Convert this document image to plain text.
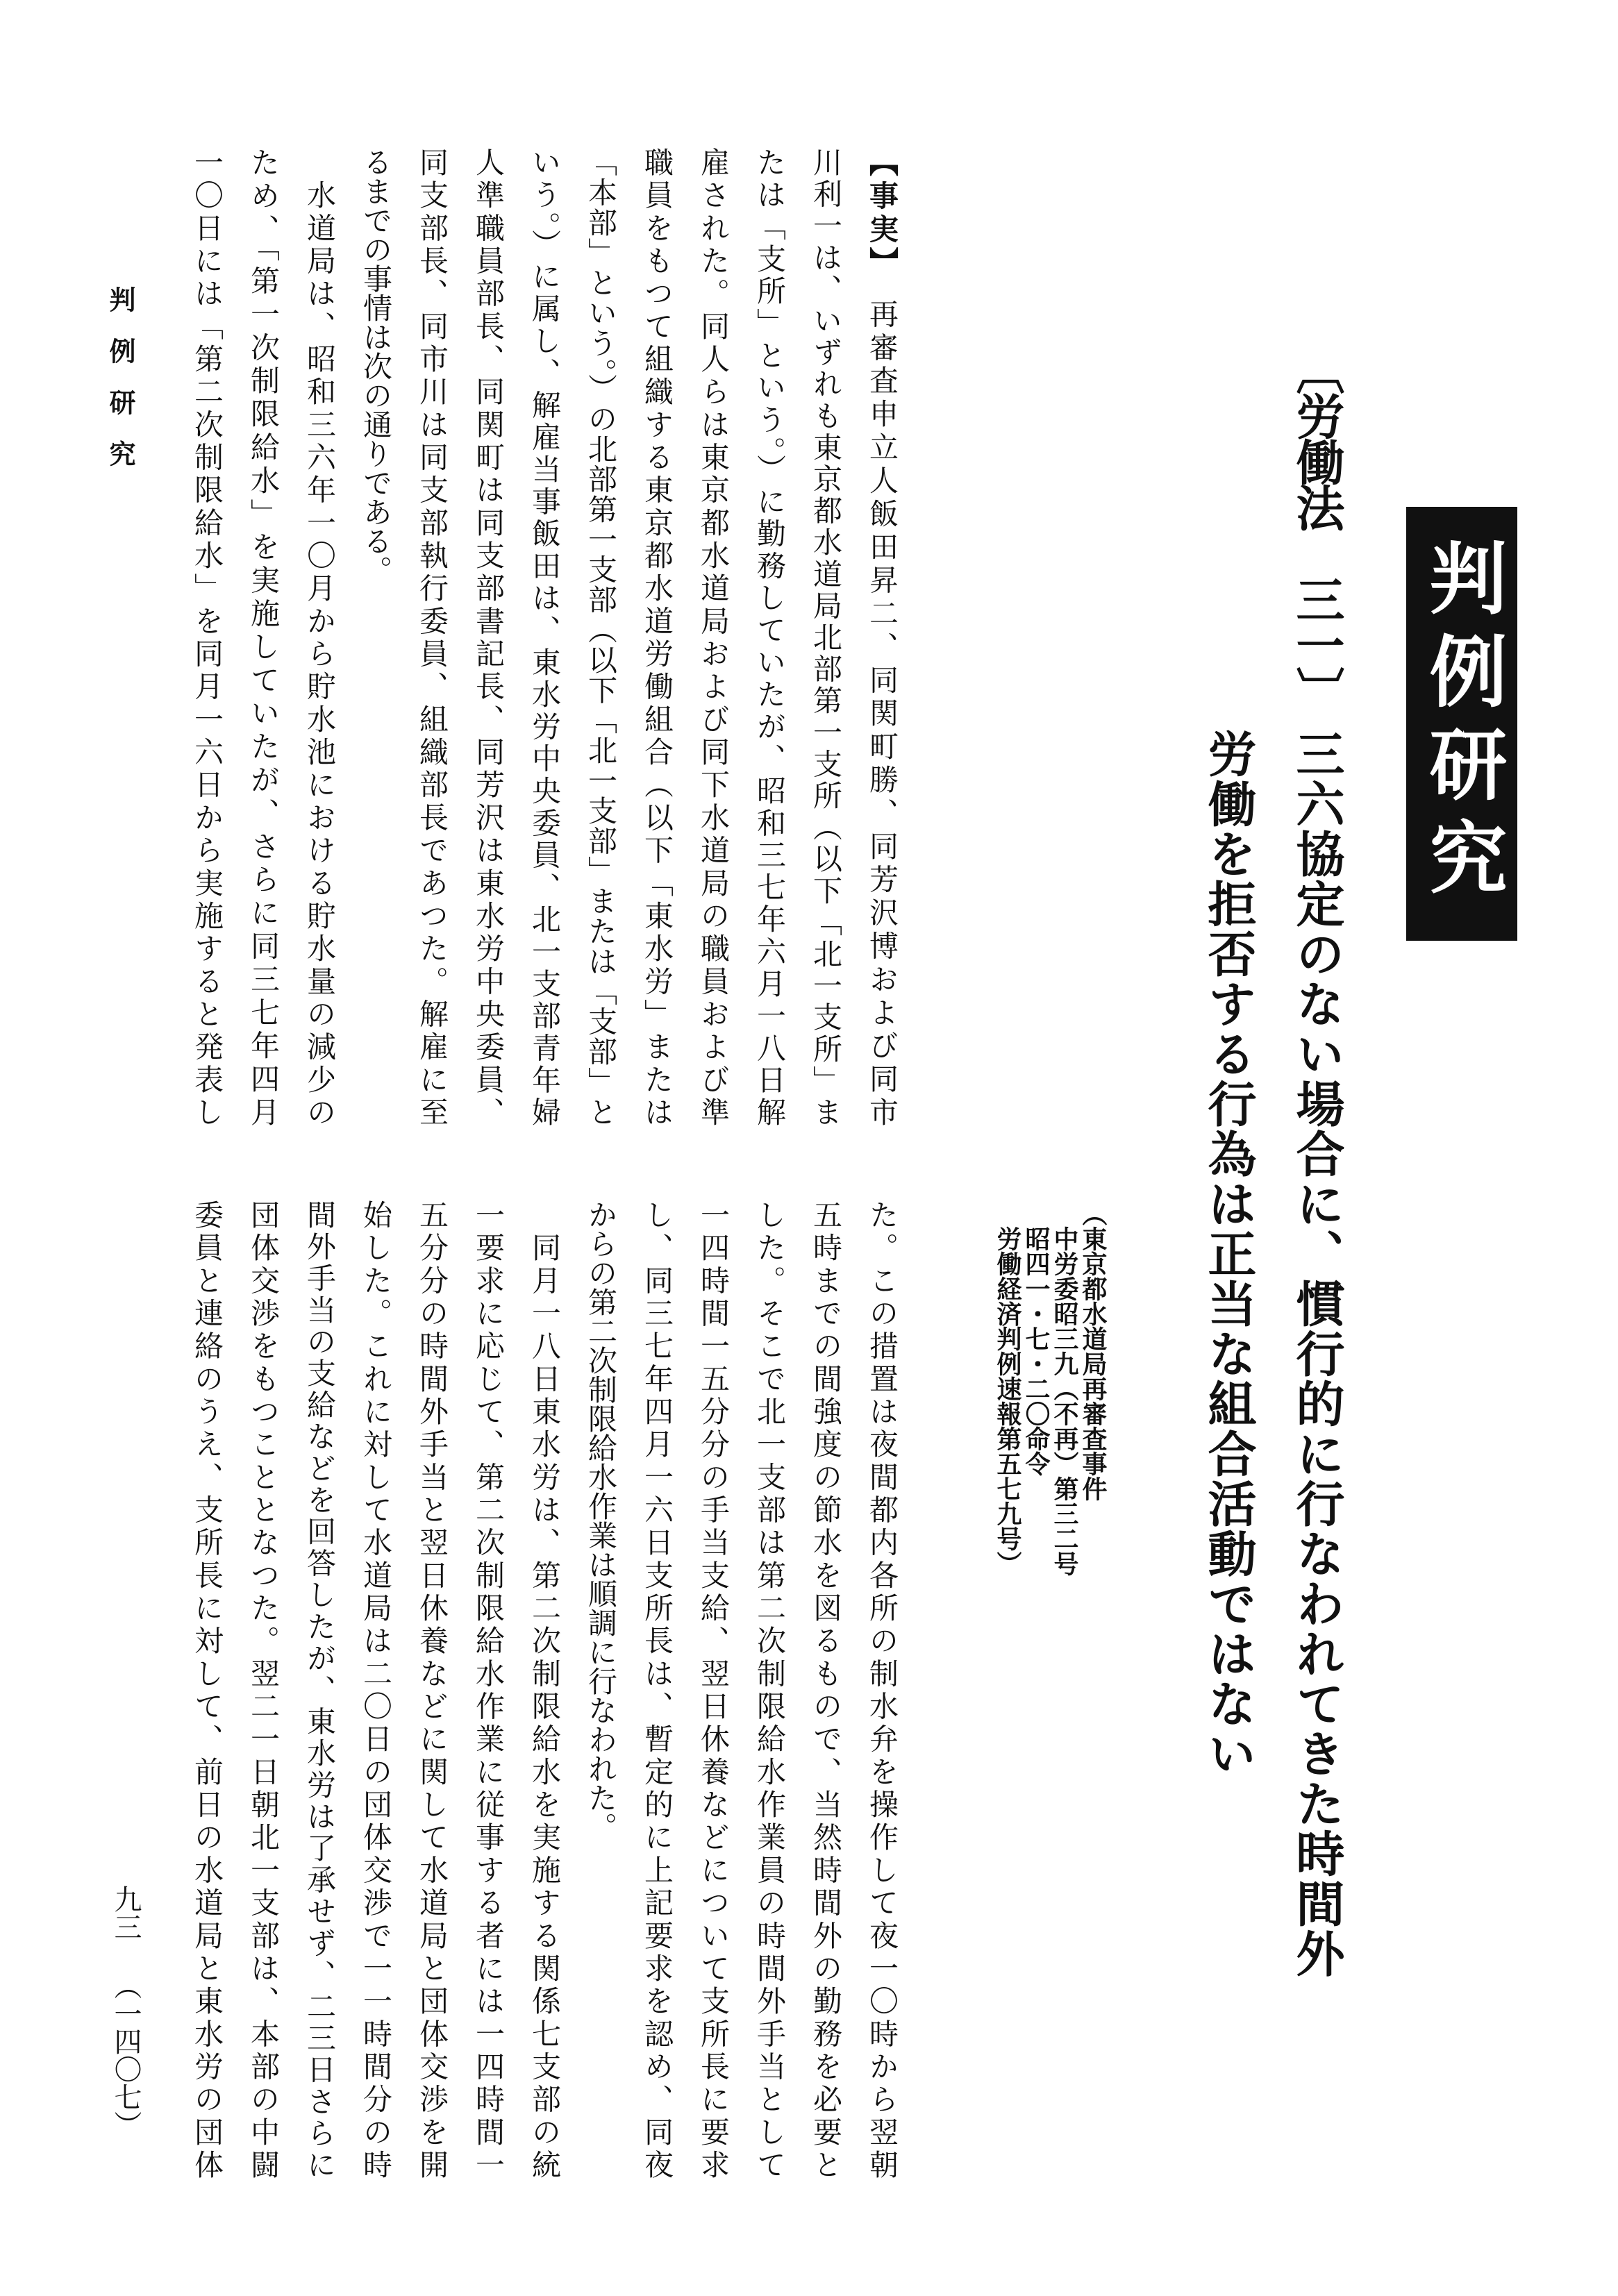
判例研究
〔労働法　三一〕
三六協定のない場合に、慣行的に行なわれてきた時間外
労働を拒否する行為は正当な組合活動ではない
（東京都水道局再審査事件
中労委昭三九（不再）第三二号
昭四一・七・二〇命令
労働経済判例速報第五七九号）
【事実】　再審査申立人飯田昇二、同関町勝、同芳沢博および同市
川利一は、いずれも東京都水道局北部第一支所（以下「北一支所」ま
たは「支所」という。）に勤務していたが、昭和三七年六月一八日解
雇された。同人らは東京都水道局および同下水道局の職員および準
職員をもつて組織する東京都水道労働組合（以下「東水労」または
「本部」という。）の北部第一支部（以下「北一支部」または「支部」と
いう。）に属し、解雇当事飯田は、東水労中央委員、北一支部青年婦
人準職員部長、同関町は同支部書記長、同芳沢は東水労中央委員、
同支部長、同市川は同支部執行委員、組織部長であつた。解雇に至
るまでの事情は次の通りである。
　水道局は、昭和三六年一〇月から貯水池における貯水量の減少の
ため、「第一次制限給水」を実施していたが、さらに同三七年四月
一〇日には「第二次制限給水」を同月一六日から実施すると発表し
た。この措置は夜間都内各所の制水弁を操作して夜一〇時から翌朝
五時までの間強度の節水を図るもので、当然時間外の勤務を必要と
した。そこで北一支部は第二次制限給水作業員の時間外手当として
一四時間一五分分の手当支給、翌日休養などについて支所長に要求
し、同三七年四月一六日支所長は、暫定的に上記要求を認め、同夜
からの第二次制限給水作業は順調に行なわれた。
　同月一八日東水労は、第二次制限給水を実施する関係七支部の統
一要求に応じて、第二次制限給水作業に従事する者には一四時間一
五分分の時間外手当と翌日休養などに関して水道局と団体交渉を開
始した。これに対して水道局は二〇日の団体交渉で一一時間分の時
間外手当の支給などを回答したが、東水労は了承せず、二三日さらに
団体交渉をもつこととなつた。翌二一日朝北一支部は、本部の中闘
委員と連絡のうえ、支所長に対して、前日の水道局と東水労の団体
判例研究
九三
（一四〇七）
